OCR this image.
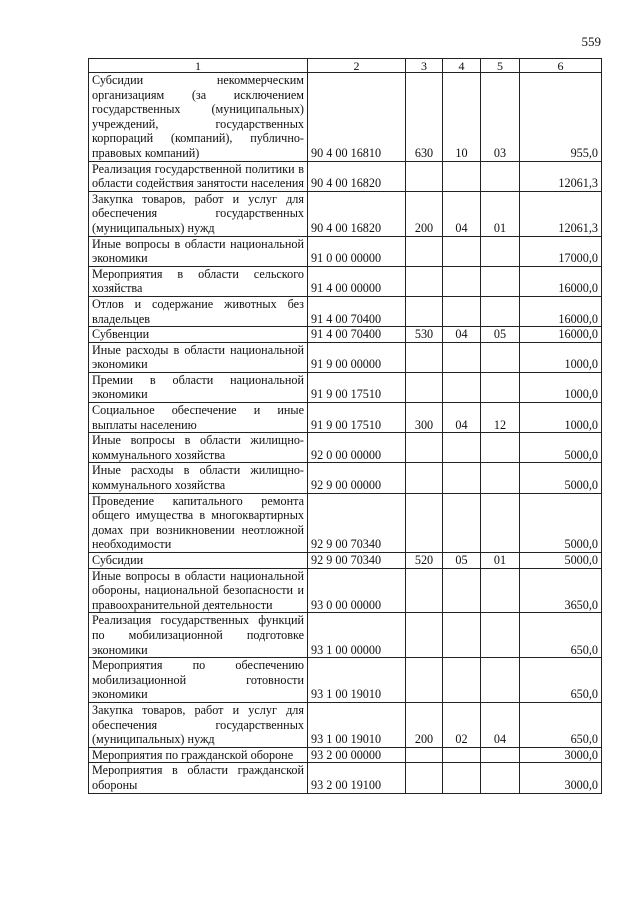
559
1	2	3	4	5	6
Субсидии некоммерческим организациям (за исключением государственных (муниципальных) учреждений, государственных корпораций (компаний), публично-правовых компаний)	90 4 00 16810	630	10	03	955,0
Реализация государственной политики в области содействия занятости населения	90 4 00 16820				12061,3
Закупка товаров, работ и услуг для обеспечения государственных (муниципальных) нужд	90 4 00 16820	200	04	01	12061,3
Иные вопросы в области национальной экономики	91 0 00 00000				17000,0
Мероприятия в области сельского хозяйства	91 4 00 00000				16000,0
Отлов и содержание животных без владельцев	91 4 00 70400				16000,0
Субвенции	91 4 00 70400	530	04	05	16000,0
Иные расходы в области национальной экономики	91 9 00 00000				1000,0
Премии в области национальной экономики	91 9 00 17510				1000,0
Социальное обеспечение и иные выплаты населению	91 9 00 17510	300	04	12	1000,0
Иные вопросы в области жилищно-коммунального хозяйства	92 0 00 00000				5000,0
Иные расходы в области жилищно-коммунального хозяйства	92 9 00 00000				5000,0
Проведение капитального ремонта общего имущества в многоквартирных домах при возникновении неотложной необходимости	92 9 00 70340				5000,0
Субсидии	92 9 00 70340	520	05	01	5000,0
Иные вопросы в области национальной обороны, национальной безопасности и правоохранительной деятельности	93 0 00 00000				3650,0
Реализация государственных функций по мобилизационной подготовке экономики	93 1 00 00000				650,0
Мероприятия по обеспечению мобилизационной готовности экономики	93 1 00 19010				650,0
Закупка товаров, работ и услуг для обеспечения государственных (муниципальных) нужд	93 1 00 19010	200	02	04	650,0
Мероприятия по гражданской обороне	93 2 00 00000				3000,0
Мероприятия в области гражданской обороны	93 2 00 19100				3000,0
